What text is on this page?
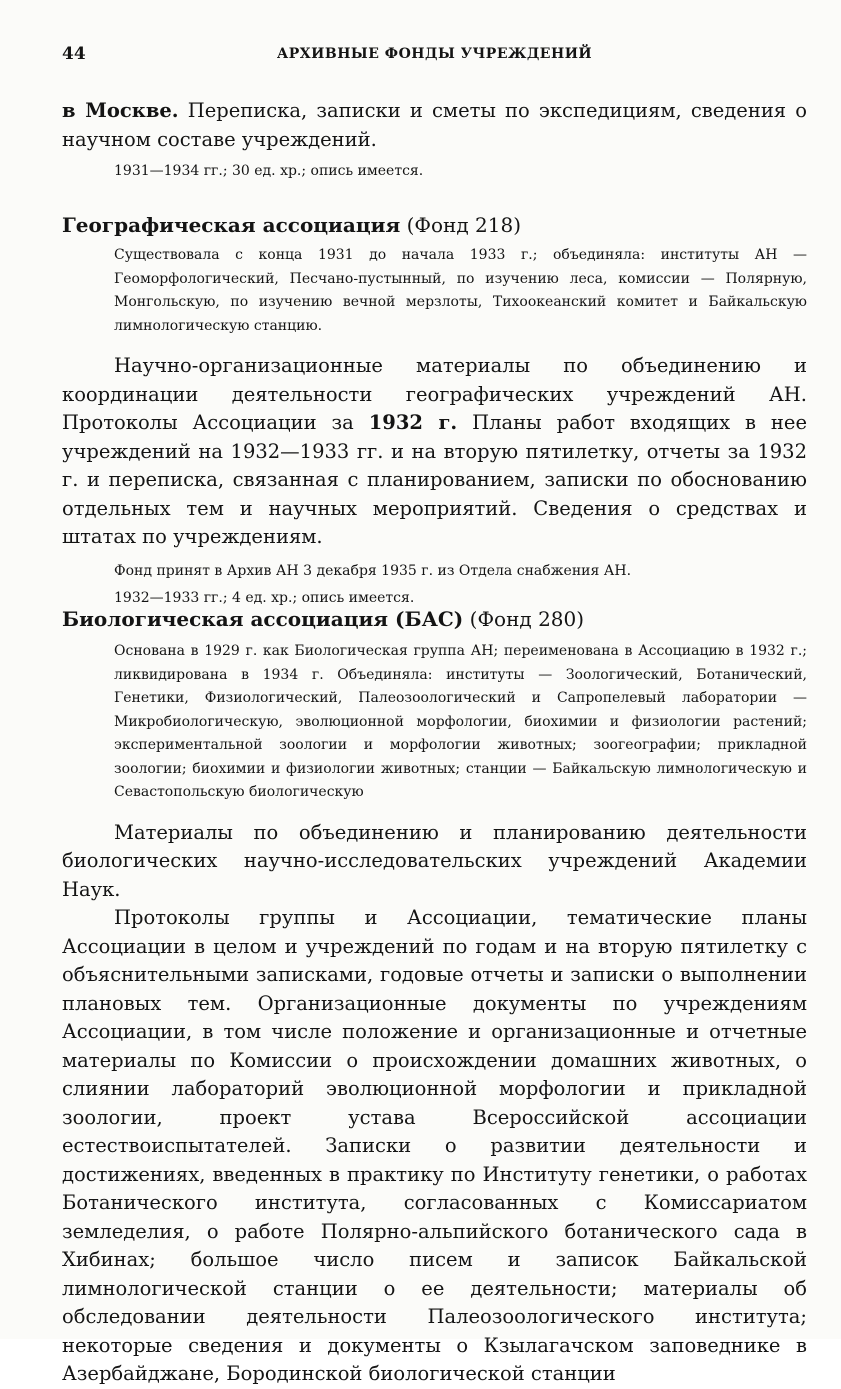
44	АРХИВНЫЕ ФОНДЫ УЧРЕЖДЕНИЙ

в Москве. Переписка, записки и сметы по экспедициям, сведения о научном составе учреждений.

1931—1934 гг.; 30 ед. хр.; опись имеется.

Географическая ассоциация (Фонд 218)

Существовала с конца 1931 до начала 1933 г.; объединяла: институты АН — Геоморфологический, Песчано-пустынный, по изучению леса, комиссии — Полярную, Монгольскую, по изучению вечной мерзлоты, Тихоокеанский комитет и Байкальскую лимнологическую станцию.

Научно-организационные материалы по объединению и координации деятельности географических учреждений АН. Протоколы Ассоциации за 1932 г. Планы работ входящих в нее учреждений на 1932—1933 гг. и на вторую пятилетку, отчеты за 1932 г. и переписка, связанная с планированием, записки по обоснованию отдельных тем и научных мероприятий. Сведения о средствах и штатах по учреждениям.

Фонд принят в Архив АН 3 декабря 1935 г. из Отдела снабжения АН.

1932—1933 гг.; 4 ед. хр.; опись имеется.

Биологическая ассоциация (БАС) (Фонд 280)

Основана в 1929 г. как Биологическая группа АН; переименована в Ассоциацию в 1932 г.; ликвидирована в 1934 г. Объединяла: институты — Зоологический, Ботанический, Генетики, Физиологический, Палеозоологический и Сапропелевый лаборатории — Микробиологическую, эволюционной морфологии, биохимии и физиологии растений; экспериментальной зоологии и морфологии животных; зоогеографии; прикладной зоологии; биохимии и физиологии животных; станции — Байкальскую лимнологическую и Севастопольскую биологическую

Материалы по объединению и планированию деятельности биологических научно-исследовательских учреждений Академии Наук.

Протоколы группы и Ассоциации, тематические планы Ассоциации в целом и учреждений по годам и на вторую пятилетку с объяснительными записками, годовые отчеты и записки о выполнении плановых тем. Организационные документы по учреждениям Ассоциации, в том числе положение и организационные и отчетные материалы по Комиссии о происхождении домашних животных, о слиянии лабораторий эволюционной морфологии и прикладной зоологии, проект устава Всероссийской ассоциации естествоиспытателей. Записки о развитии деятельности и достижениях, введенных в практику по Институту генетики, о работах Ботанического института, согласованных с Комиссариатом земледелия, о работе Полярно-альпийского ботанического сада в Хибинах; большое число писем и записок Байкальской лимнологической станции о ее деятельности; материалы об обследовании деятельности Палеозоологического института; некоторые сведения и документы о Кзылагачском заповеднике в Азербайджане, Бородинской биологической станции
